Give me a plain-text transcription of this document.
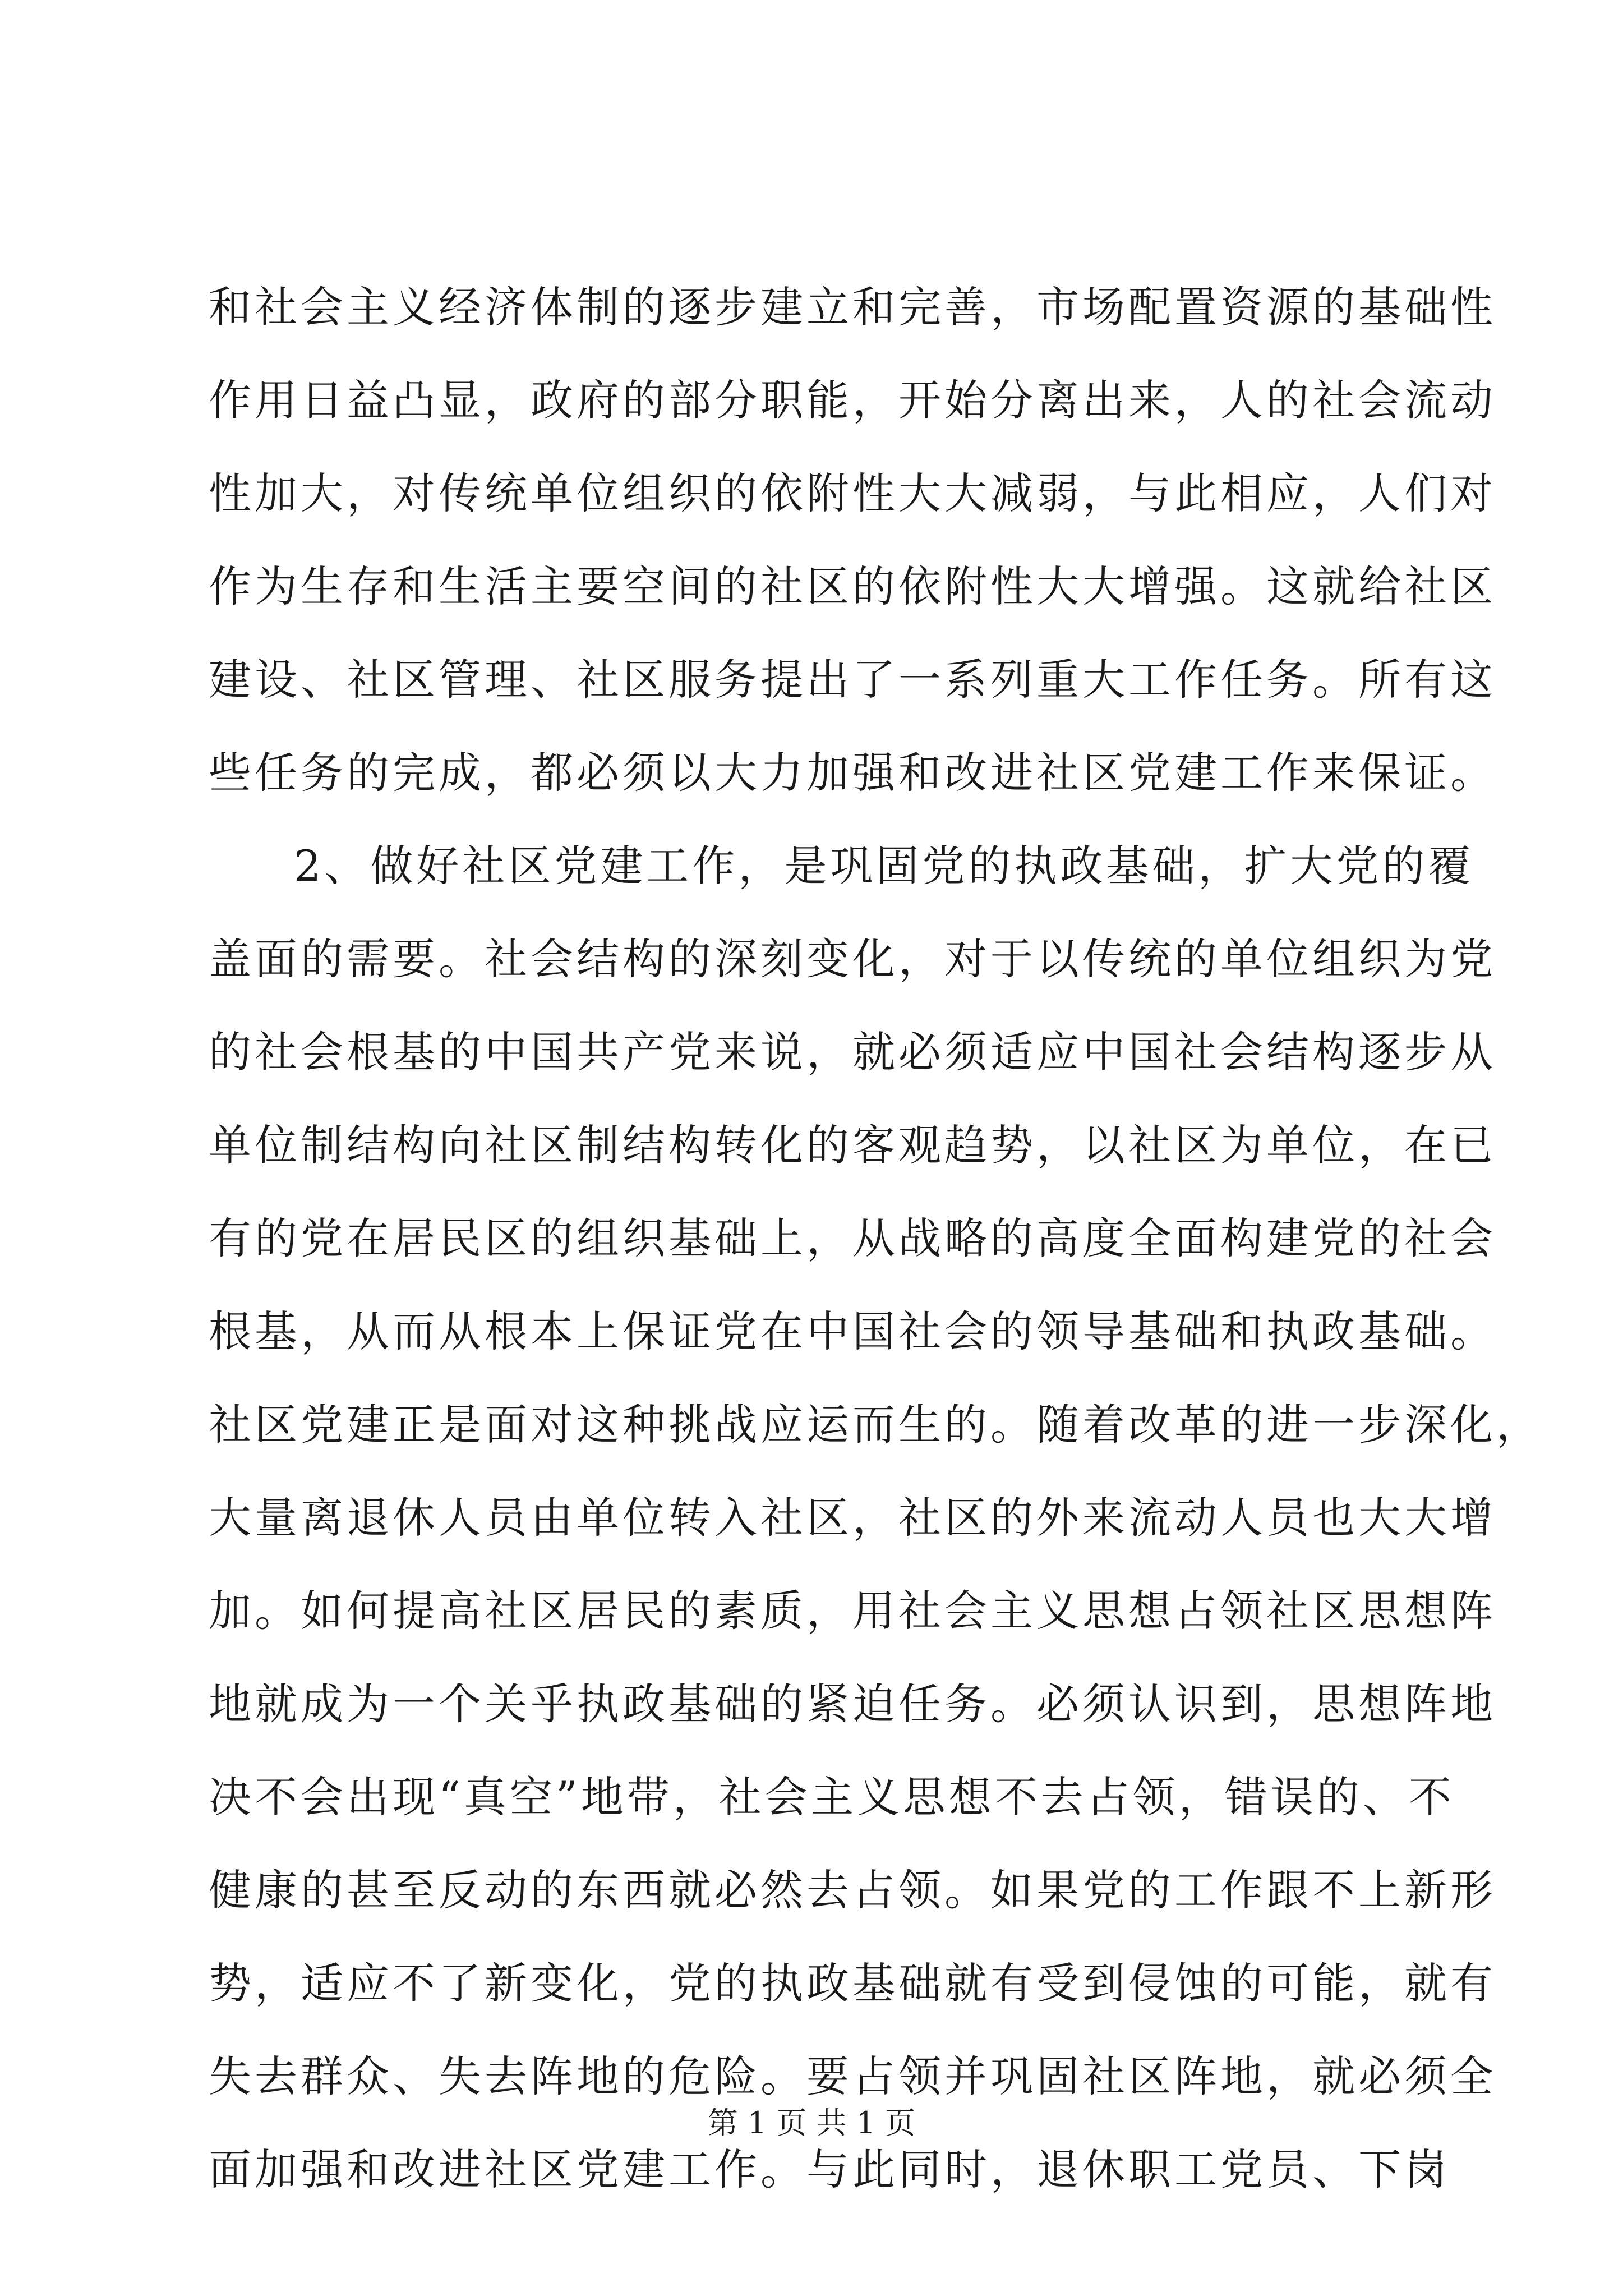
和社会主义经济体制的逐步建立和完善，市场配置资源的基础性
作用日益凸显，政府的部分职能，开始分离出来，人的社会流动
性加大，对传统单位组织的依附性大大减弱，与此相应，人们对
作为生存和生活主要空间的社区的依附性大大增强。这就给社区
建设、社区管理、社区服务提出了一系列重大工作任务。所有这
些任务的完成，都必须以大力加强和改进社区党建工作来保证。
2、做好社区党建工作，是巩固党的执政基础，扩大党的覆
盖面的需要。社会结构的深刻变化，对于以传统的单位组织为党
的社会根基的中国共产党来说，就必须适应中国社会结构逐步从
单位制结构向社区制结构转化的客观趋势，以社区为单位，在已
有的党在居民区的组织基础上，从战略的高度全面构建党的社会
根基，从而从根本上保证党在中国社会的领导基础和执政基础。
社区党建正是面对这种挑战应运而生的。随着改革的进一步深化，
大量离退休人员由单位转入社区，社区的外来流动人员也大大增
加。如何提高社区居民的素质，用社会主义思想占领社区思想阵
地就成为一个关乎执政基础的紧迫任务。必须认识到，思想阵地
决不会出现“真空”地带，社会主义思想不去占领，错误的、不
健康的甚至反动的东西就必然去占领。如果党的工作跟不上新形
势，适应不了新变化，党的执政基础就有受到侵蚀的可能，就有
失去群众、失去阵地的危险。要占领并巩固社区阵地，就必须全
面加强和改进社区党建工作。与此同时，退休职工党员、下岗
第 1 页 共 1 页
